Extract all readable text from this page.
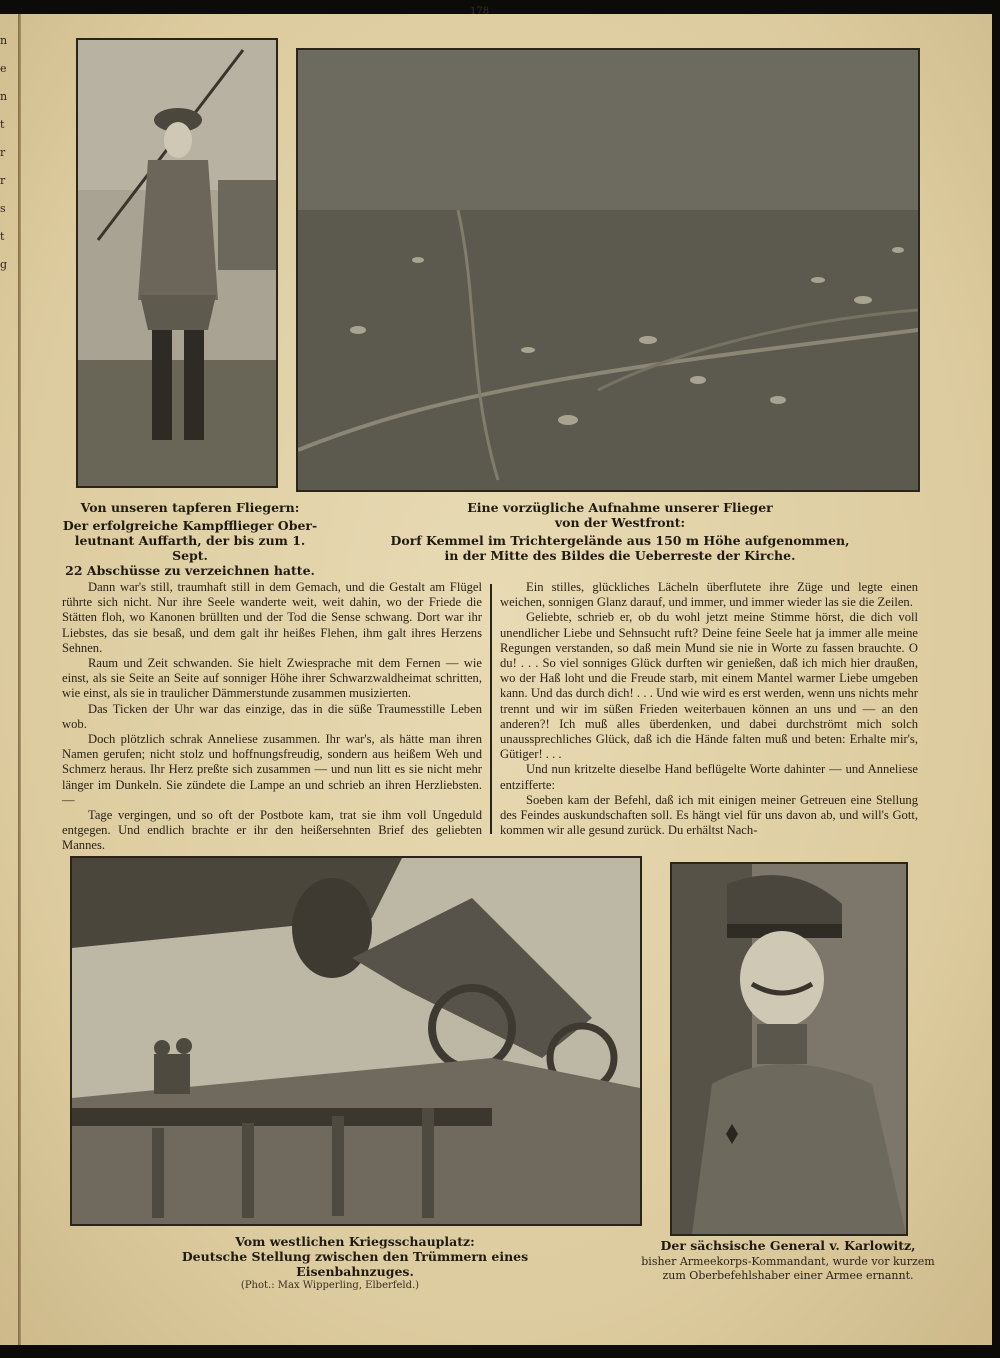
178
n
e
n
t
r
r
s
t
g
Von unseren tapferen Fliegern:
Der erfolgreiche Kampfflieger Ober-
leutnant Auffarth, der bis zum 1. Sept.
22 Abschüsse zu verzeichnen hatte.
Eine vorzügliche Aufnahme unserer Flieger
von der Westfront:
Dorf Kemmel im Trichtergelände aus 150 m Höhe aufgenommen,
in der Mitte des Bildes die Ueberreste der Kirche.

Dann war's still, traumhaft still in dem Gemach, und die Gestalt am Flügel rührte sich nicht. Nur ihre Seele wanderte weit, weit dahin, wo der Friede die Stätten floh, wo Kanonen brüllten und der Tod die Sense schwang. Dort war ihr Liebstes, das sie besaß, und dem galt ihr heißes Flehen, ihm galt ihres Herzens Sehnen.

Raum und Zeit schwanden. Sie hielt Zwiesprache mit dem Fernen — wie einst, als sie Seite an Seite auf sonniger Höhe ihrer Schwarzwaldheimat schritten, wie einst, als sie in traulicher Dämmerstunde zusammen musizierten.

Das Ticken der Uhr war das einzige, das in die süße Traumesstille Leben wob.

Doch plötzlich schrak Anneliese zusammen. Ihr war's, als hätte man ihren Namen gerufen; nicht stolz und hoffnungsfreudig, sondern aus heißem Weh und Schmerz heraus. Ihr Herz preßte sich zusammen — und nun litt es sie nicht mehr länger im Dunkeln. Sie zündete die Lampe an und schrieb an ihren Herzliebsten. —

Tage vergingen, und so oft der Postbote kam, trat sie ihm voll Ungeduld entgegen. Und endlich brachte er ihr den heißersehnten Brief des geliebten Mannes.

Ein stilles, glückliches Lächeln überflutete ihre Züge und legte einen weichen, sonnigen Glanz darauf, und immer, und immer wieder las sie die Zeilen.

Geliebte, schrieb er, ob du wohl jetzt meine Stimme hörst, die dich voll unendlicher Liebe und Sehnsucht ruft? Deine feine Seele hat ja immer alle meine Regungen verstanden, so daß mein Mund sie nie in Worte zu fassen brauchte. O du! . . . So viel sonniges Glück durften wir genießen, daß ich mich hier draußen, wo der Haß loht und die Freude starb, mit einem Mantel warmer Liebe umgeben kann. Und das durch dich! . . . Und wie wird es erst werden, wenn uns nichts mehr trennt und wir im süßen Frieden weiterbauen können an uns und — an den anderen?! Ich muß alles überdenken, und dabei durchströmt mich solch unaussprechliches Glück, daß ich die Hände falten muß und beten: Erhalte mir's, Gütiger! . . .

Und nun kritzelte dieselbe Hand beflügelte Worte dahinter — und Anneliese entzifferte:

Soeben kam der Befehl, daß ich mit einigen meiner Getreuen eine Stellung des Feindes auskundschaften soll. Es hängt viel für uns davon ab, und will's Gott, kommen wir alle gesund zurück. Du erhältst Nach-

Vom westlichen Kriegsschauplatz:
Deutsche Stellung zwischen den Trümmern eines Eisenbahnzuges.
(Phot.: Max Wipperling, Elberfeld.)
Der sächsische General v. Karlowitz,
bisher Armeekorps-Kommandant, wurde vor kurzem
zum Oberbefehlshaber einer Armee ernannt.
